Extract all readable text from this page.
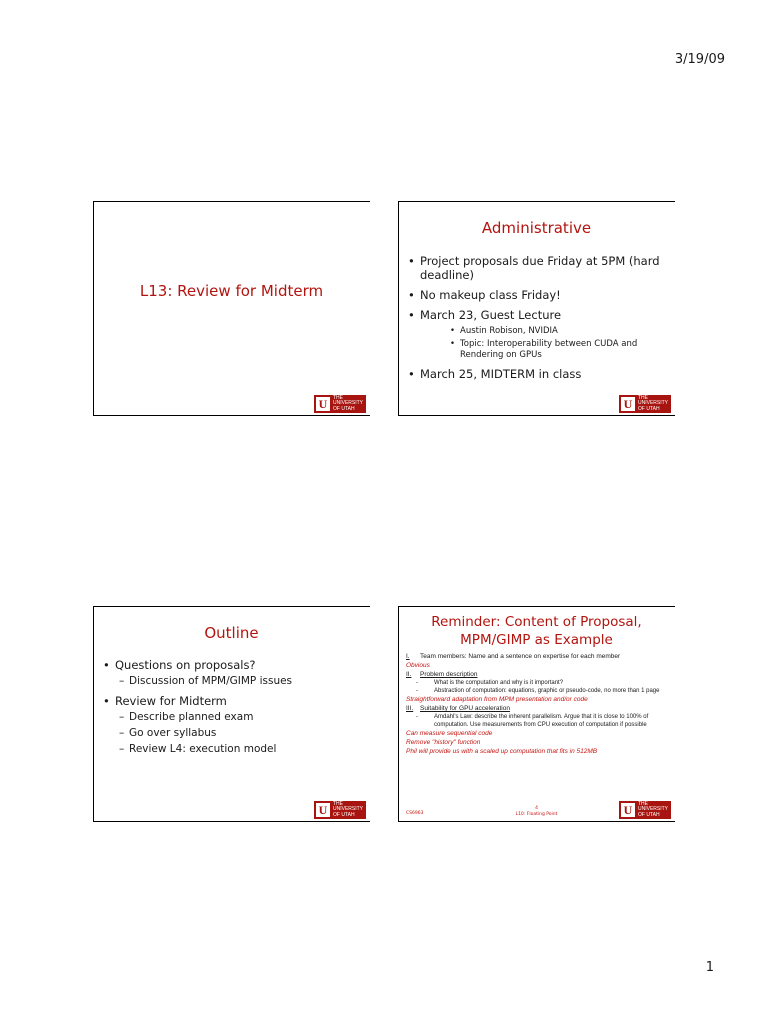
3/19/09
L13: Review for Midterm
U	THE
UNIVERSITY
OF UTAH
Administrative
• Project proposals due Friday at 5PM (hard deadline)
• No makeup class Friday!
• March 23, Guest Lecture
• Austin Robison, NVIDIA
• Topic: Interoperability between CUDA and Rendering on GPUs
• March 25, MIDTERM in class
U	THE
UNIVERSITY
OF UTAH
Outline
• Questions on proposals?
– Discussion of MPM/GIMP issues
• Review for Midterm
– Describe planned exam
– Go over syllabus
– Review L4: execution model
U	THE
UNIVERSITY
OF UTAH
Reminder: Content of Proposal,
MPM/GIMP as Example
I.	Team members: Name and a sentence on expertise for each member
Obvious
II.	Problem description
- What is the computation and why is it important?
- Abstraction of computation: equations, graphic or pseudo-code, no more than 1 page
Straightforward adaptation from MPM presentation and/or code
III.	Suitability for GPU acceleration
- Amdahl's Law: describe the inherent parallelism. Argue that it is close to 100% of computation. Use measurements from CPU execution of computation if possible
Can measure sequential code
Remove "history" function
Phil will provide us with a scaled up computation that fits in 512MB
CS6963
4
L10: Floating Point	U	THE
UNIVERSITY
OF UTAH
1
